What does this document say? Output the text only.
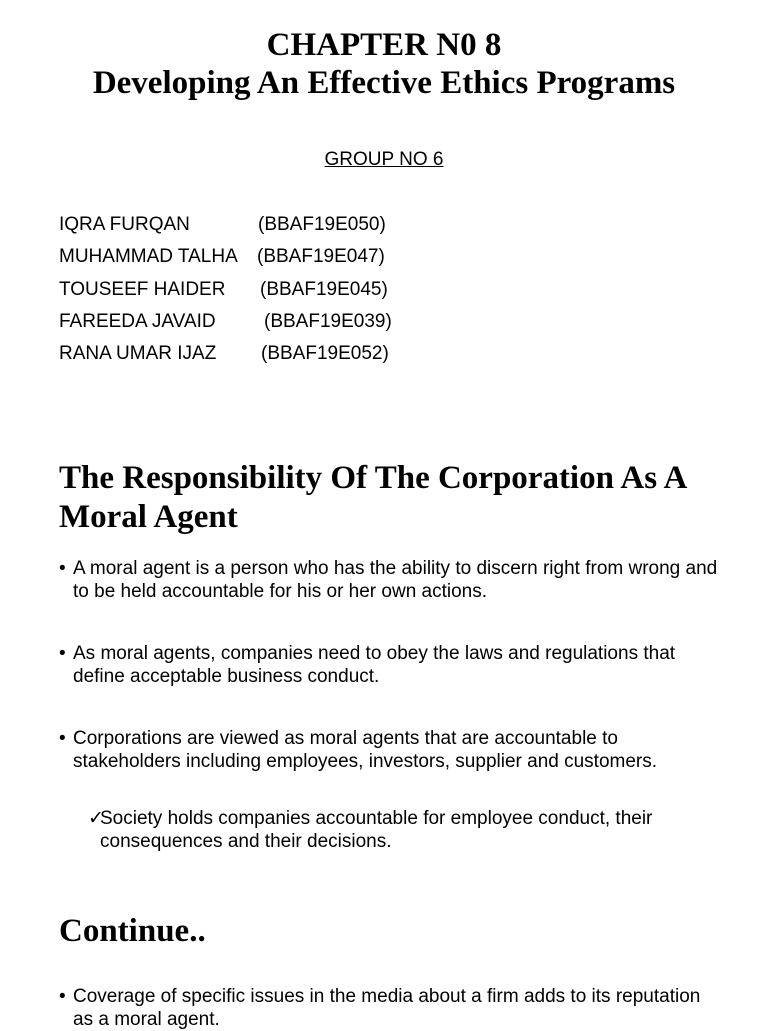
CHAPTER N0 8
Developing An Effective Ethics Programs
GROUP NO 6
IQRA FURQAN	(BBAF19E050)
MUHAMMAD TALHA (BBAF19E047)
TOUSEEF HAIDER (BBAF19E045)
FAREEDA JAVAID	(BBAF19E039)
RANA UMAR IJAZ (BBAF19E052)
The Responsibility Of The Corporation As A Moral Agent
• A moral agent is a person who has the ability to discern right from wrong and to be held accountable for his or her own actions.
• As moral agents, companies need to obey the laws and regulations that define acceptable business conduct.
• Corporations are viewed as moral agents that are accountable to stakeholders including employees, investors, supplier and customers.
✓
Society holds companies accountable for employee conduct, their consequences and their decisions.
Continue..
• Coverage of specific issues in the media about a firm adds to its reputation as a moral agent.
